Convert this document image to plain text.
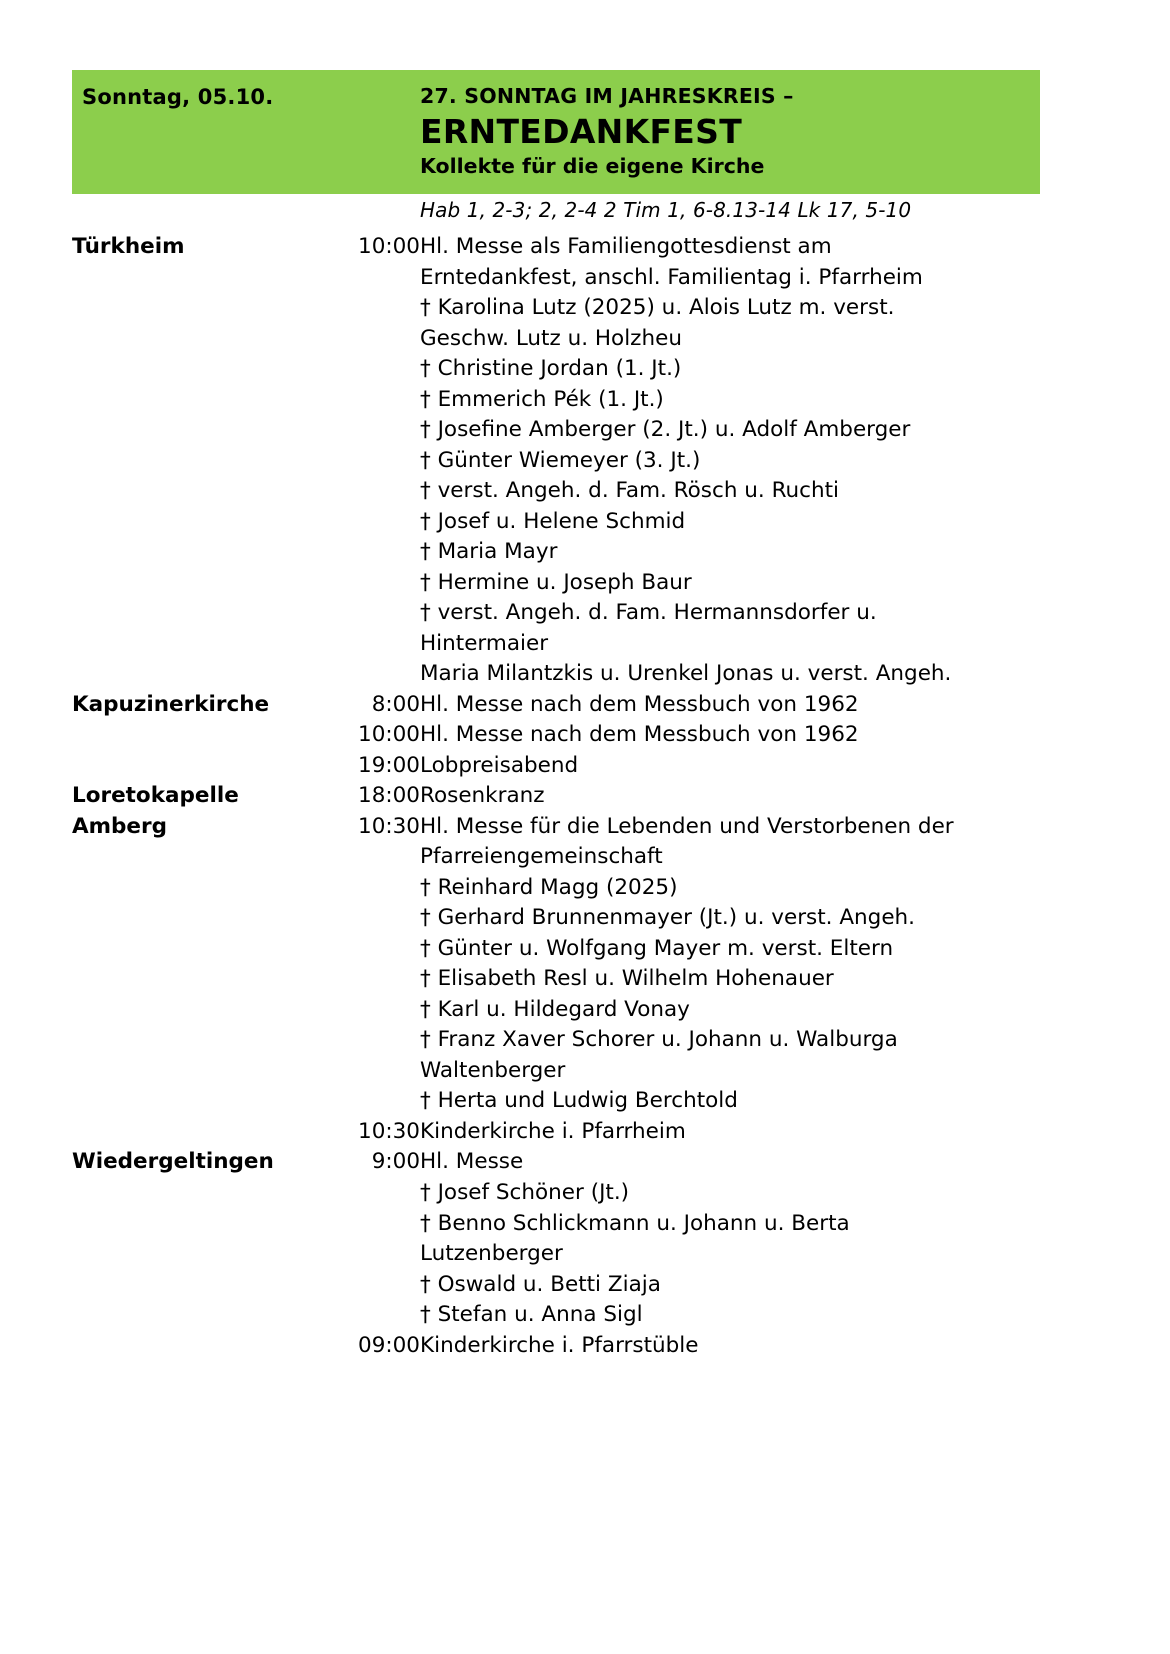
Sonntag, 05.10.	27. SONNTAG IM JAHRESKREIS –
ERNTEDANKFEST
Kollekte für die eigene Kirche
Hab 1, 2-3; 2, 2-4 2 Tim 1, 6-8.13-14 Lk 17, 5-10
Türkheim	10:00	Hl. Messe als Familiengottesdienst am
Erntedankfest, anschl. Familientag i. Pfarrheim
† Karolina Lutz (2025) u. Alois Lutz m. verst.
Geschw. Lutz u. Holzheu
† Christine Jordan (1. Jt.)
† Emmerich Pék (1. Jt.)
† Josefine Amberger (2. Jt.) u. Adolf Amberger
† Günter Wiemeyer (3. Jt.)
† verst. Angeh. d. Fam. Rösch u. Ruchti
† Josef u. Helene Schmid
† Maria Mayr
† Hermine u. Joseph Baur
† verst. Angeh. d. Fam. Hermannsdorfer u.
Hintermaier
Maria Milantzkis u. Urenkel Jonas u. verst. Angeh.

Kapuzinerkirche	8:00	Hl. Messe nach dem Messbuch von 1962

	10:00	Hl. Messe nach dem Messbuch von 1962

	19:00	Lobpreisabend

Loretokapelle	18:00	Rosenkranz

Amberg	10:30	Hl. Messe für die Lebenden und Verstorbenen der
Pfarreiengemeinschaft
† Reinhard Magg (2025)
† Gerhard Brunnenmayer (Jt.) u. verst. Angeh.
† Günter u. Wolfgang Mayer m. verst. Eltern
† Elisabeth Resl u. Wilhelm Hohenauer
† Karl u. Hildegard Vonay
† Franz Xaver Schorer u. Johann u. Walburga
Waltenberger
† Herta und Ludwig Berchtold

	10:30	Kinderkirche i. Pfarrheim

Wiedergeltingen	9:00	Hl. Messe
† Josef Schöner (Jt.)
† Benno Schlickmann u. Johann u. Berta
Lutzenberger
† Oswald u. Betti Ziaja
† Stefan u. Anna Sigl

	09:00	Kinderkirche i. Pfarrstüble
